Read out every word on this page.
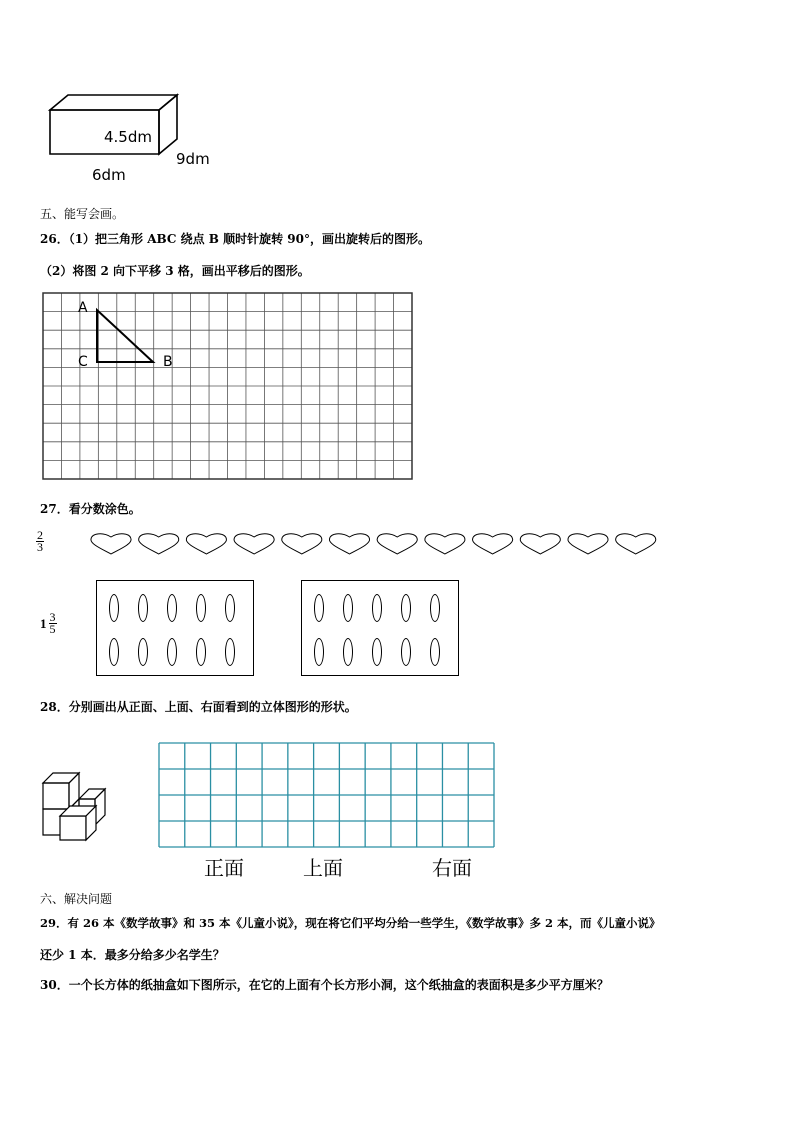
4.5dm
9dm
6dm
五、能写会画。
26．（1）把三角形 ABC 绕点 B 顺时针旋转 90°，画出旋转后的图形。
（2）将图 2 向下平移 3 格，画出平移后的图形。
A
C	B
27．看分数涂色。
$\frac{2}{3}$
$1 \frac{3}{5}$
28．分别画出从正面、上面、右面看到的立体图形的形状。
正面	上面	右面
六、解决问题
29．有 26 本《数学故事》和 35 本《儿童小说》，现在将它们平均分给一些学生，《数学故事》多 2 本，而《儿童小说》
还少 1 本．最多分给多少名学生？
30．一个长方体的纸抽盒如下图所示，在它的上面有个长方形小洞，这个纸抽盒的表面积是多少平方厘米？
